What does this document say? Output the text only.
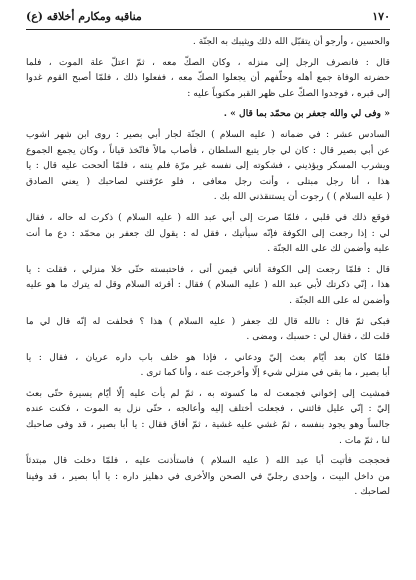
١٧٠
مناقبه ومكارم أخلاقه (ع)
والحسين ، وأرجو أن يتقبّل الله ذلك ويثيبك به الجنّة .
قال : فانصرف الرجل إلى منزله ، وكان الصكّ معه ، ثمّ اعتلّ علة الموت ، فلما
حضرته الوفاة جمع أهله وحلّفهم أن يجعلوا الصكّ معه ، ففعلوا ذلك ، فلمّا أصبح القوم غدوا
إلى قبره ، فوجدوا الصكّ على ظهر القبر مكتوباً عليه :
« وفى لي والله جعفر بن محمّد بما قال » .
السادس عشر : في ضمانه ( عليه السلام ) الجنّة لجار أبي بصير : روى ابن شهر اشوب
عن أبي بصير قال : كان لي جار يتبع السلطان ، فأصاب مالاً فاتّخذ قياناً ، وكان يجمع الجموع
ويشرب المسكر ويؤذيني ، فشكوته إلى نفسه غير مرّة فلم ينته ، فلمّا ألححت عليه قال : يا
هذا ، أنا رجل مبتلى ، وأنت رجل معافى ، فلو عرّفتني لصاحبك ( يعني الصادق
( عليه السلام ) ) رجوت أن يستنقذني الله بك .
فوقع ذلك في قلبي ، فلمّا صرت إلى أبي عبد الله ( عليه السلام ) ذكرت له حاله ، فقال
لي : إذا رجعت إلى الكوفة فإنّه سيأتيك ، فقل له : يقول لك جعفر بن محمّد : دع ما أنت
عليه وأضمن لك على الله الجنّة .
قال : فلمّا رجعت إلى الكوفة أتاني فيمن أتى ، فاحتبسته حتّى خلا منزلي ، فقلت : يا
هذا ، إنّي ذكرتك لأبي عبد الله ( عليه السلام ) فقال : أقرئه السلام وقل له يترك ما هو عليه
وأضمن له على الله الجنّة .
فبكى ثمّ قال : تالله قال لك جعفر ( عليه السلام ) هذا ؟ فحلفت له إنّه قال لي ما
قلت لك ، فقال لي : حسبك ، ومضى .
فلمّا كان بعد أيّام بعث إليّ ودعاني ، فإذا هو خلف باب داره عريان ، فقال : يا
أبا بصير ، ما بقي في منزلي شيء إلّا وأخرجت عنه ، وأنا كما ترى .
فمشيت إلى إخواني فجمعت له ما كسوته به ، ثمّ لم يأت عليه إلّا أيّام يسيرة حتّى بعث
إليّ : إنّي عليل فائتني ، فجعلت أختلف إليه وأعالجه ، حتّى نزل به الموت ، فكنت عنده
جالساً وهو يجود بنفسه ، ثمّ غشي عليه غشية ، ثمّ أفاق فقال : يا أبا بصير ، قد وفى صاحبك
لنا ، ثمّ مات .
فحججت فأتيت أبا عبد الله ( عليه السلام ) فاستأذنت عليه ، فلمّا دخلت قال مبتدئاً
من داخل البيت ، وإحدى رجليّ في الصحن والأخرى في دهليز داره : يا أبا بصير ، قد وفينا
لصاحبك .
